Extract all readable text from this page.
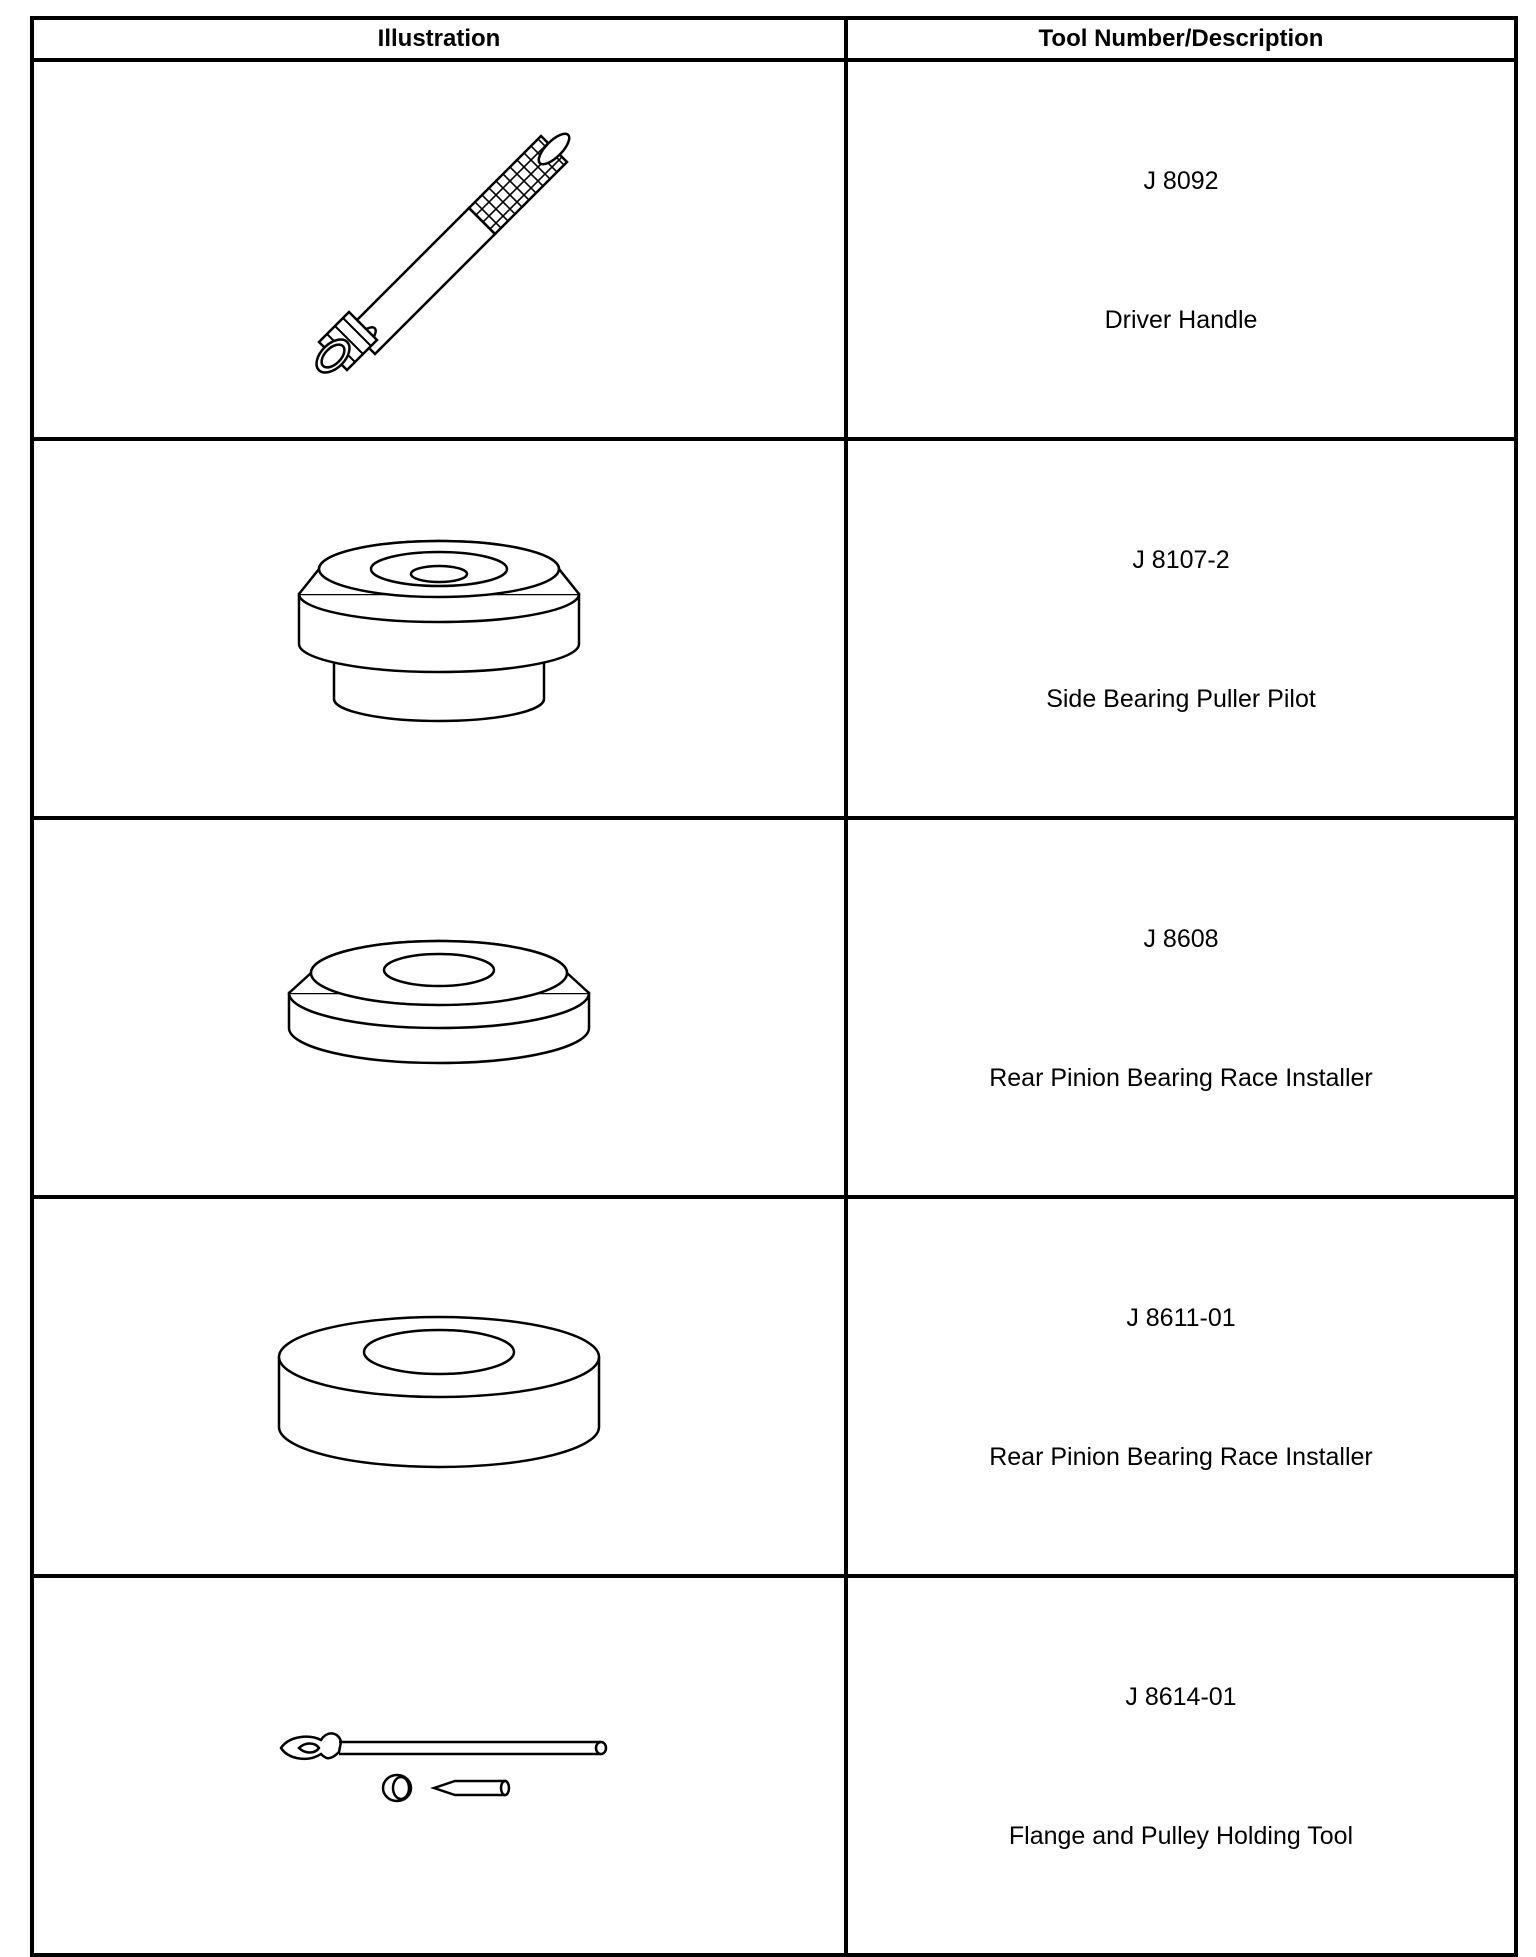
Illustration	Tool Number/Description

J 8092
Driver Handle

J 8107-2
Side Bearing Puller Pilot

J 8608
Rear Pinion Bearing Race Installer

J 8611-01
Rear Pinion Bearing Race Installer

J 8614-01
Flange and Pulley Holding Tool
